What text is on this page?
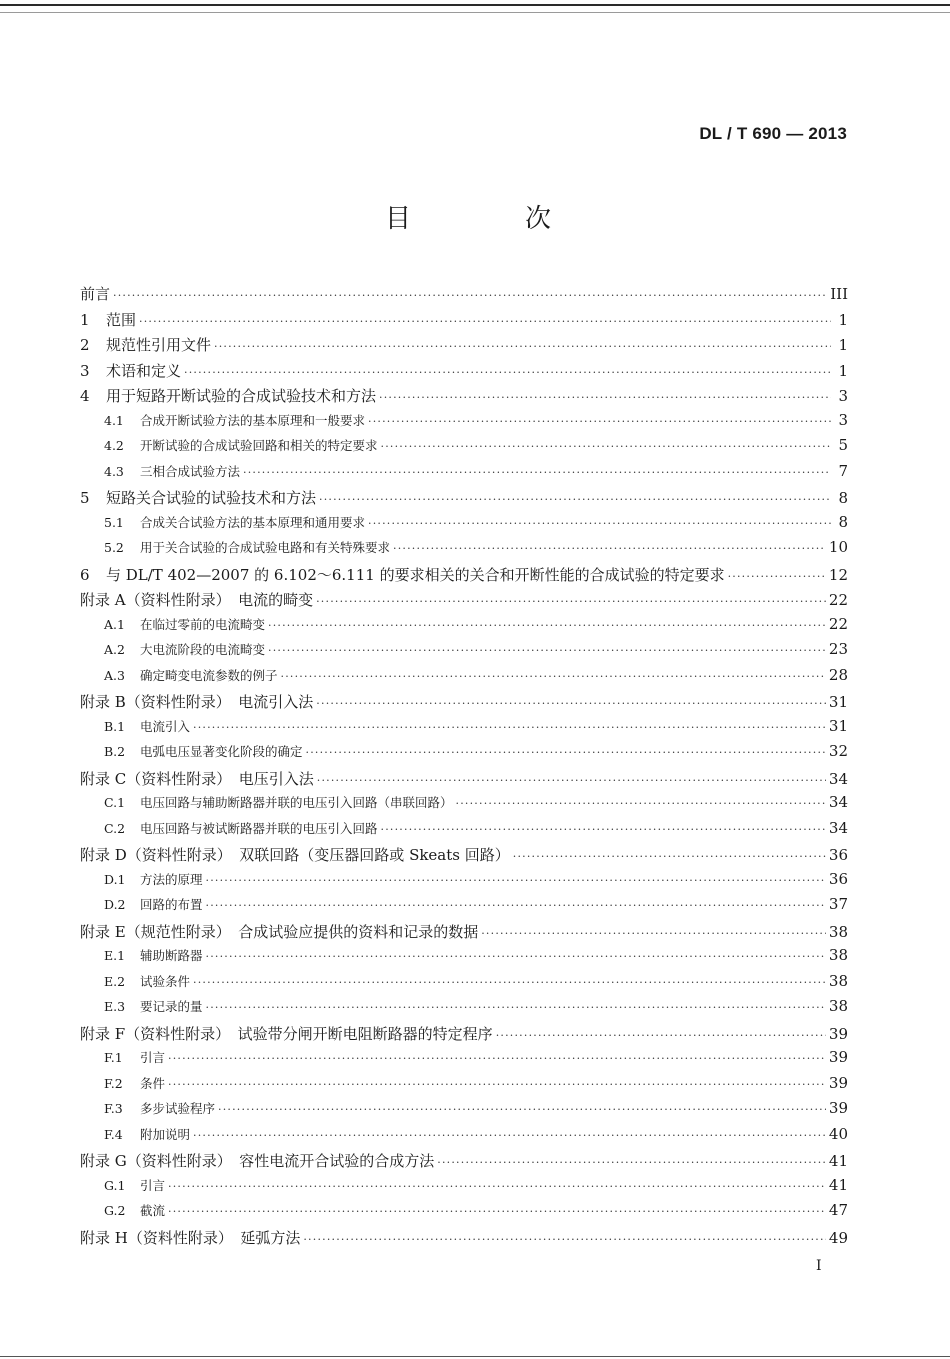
DL / T 690 — 2013
目　次
前言 ·····	III
1	范围 ·····	1
2	规范性引用文件 ·····	1
3	术语和定义 ·····	1
4	用于短路开断试验的合成试验技术和方法 ·····	3
4.1	合成开断试验方法的基本原理和一般要求 ·····	3
4.2	开断试验的合成试验回路和相关的特定要求 ·····	5
4.3	三相合成试验方法 ·····	7
5	短路关合试验的试验技术和方法 ·····	8
5.1	合成关合试验方法的基本原理和通用要求 ·····	8
5.2	用于关合试验的合成试验电路和有关特殊要求 ·····	10
6	与 DL/T 402—2007 的 6.102～6.111 的要求相关的关合和开断性能的合成试验的特定要求 ·····	12
附录 A（资料性附录）　电流的畸变 ·····	22
A.1	在临过零前的电流畸变 ·····	22
A.2	大电流阶段的电流畸变 ·····	23
A.3	确定畸变电流参数的例子 ·····	28
附录 B（资料性附录）　电流引入法 ·····	31
B.1	电流引入 ·····	31
B.2	电弧电压显著变化阶段的确定 ·····	32
附录 C（资料性附录）　电压引入法 ·····	34
C.1	电压回路与辅助断路器并联的电压引入回路（串联回路） ·····	34
C.2	电压回路与被试断路器并联的电压引入回路 ·····	34
附录 D（资料性附录）　双联回路（变压器回路或 Skeats 回路） ·····	36
D.1	方法的原理 ·····	36
D.2	回路的布置 ·····	37
附录 E（规范性附录）　合成试验应提供的资料和记录的数据 ·····	38
E.1	辅助断路器 ·····	38
E.2	试验条件 ·····	38
E.3	要记录的量 ·····	38
附录 F（资料性附录）　试验带分闸开断电阻断路器的特定程序 ·····	39
F.1	引言 ·····	39
F.2	条件 ·····	39
F.3	多步试验程序 ·····	39
F.4	附加说明 ·····	40
附录 G（资料性附录）　容性电流开合试验的合成方法 ·····	41
G.1	引言 ·····	41
G.2	截流 ·····	47
附录 H（资料性附录）　延弧方法 ·····	49
I
